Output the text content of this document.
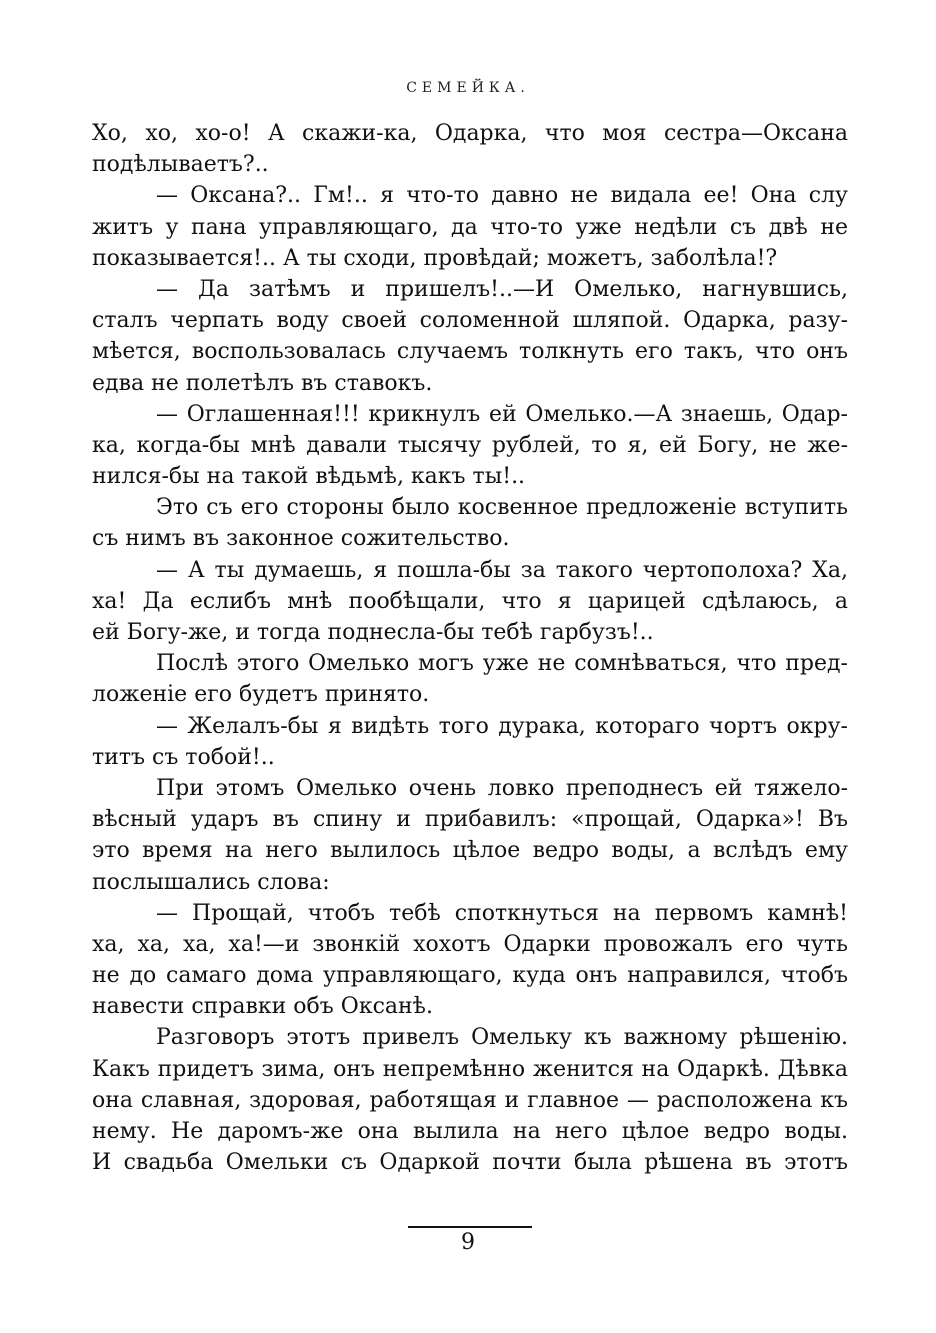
СЕМЕЙКА.
Хо, хо, хо-о! А скажи-ка, Одарка, что моя сестра—Оксана
подѣлываетъ?..
— Оксана?.. Гм!.. я что-то давно не видала ее! Она слу
житъ у пана управляющаго, да что-то уже недѣли съ двѣ не
показывается!.. А ты сходи, провѣдай; можетъ, заболѣла!?
— Да затѣмъ и пришелъ!..—И Омелько, нагнувшись,
сталъ черпать воду своей соломенной шляпой. Одарка, разу-
мѣется, воспользовалась случаемъ толкнуть его такъ, что онъ
едва не полетѣлъ въ ставокъ.
— Оглашенная!!! крикнулъ ей Омелько.—А знаешь, Одар-
ка, когда-бы мнѣ давали тысячу рублей, то я, ей Богу, не же-
нился-бы на такой вѣдьмѣ, какъ ты!..
Это съ его стороны было косвенное предложеніе вступить
съ нимъ въ законное сожительство.
— А ты думаешь, я пошла-бы за такого чертополоха? Ха,
ха! Да еслибъ мнѣ пообѣщали, что я царицей сдѣлаюсь, а
ей Богу-же, и тогда поднесла-бы тебѣ гарбузъ!..
Послѣ этого Омелько могъ уже не сомнѣваться, что пред-
ложеніе его будетъ принято.
— Желалъ-бы я видѣть того дурака, котораго чортъ окру-
титъ съ тобой!..
При этомъ Омелько очень ловко преподнесъ ей тяжело-
вѣсный ударъ въ спину и прибавилъ: «прощай, Одарка»! Въ
это время на него вылилось цѣлое ведро воды, а вслѣдъ ему
послышались слова:
— Прощай, чтобъ тебѣ споткнуться на первомъ камнѣ!
ха, ха, ха, ха!—и звонкій хохотъ Одарки провожалъ его чуть
не до самаго дома управляющаго, куда онъ направился, чтобъ
навести справки объ Оксанѣ.
Разговоръ этотъ привелъ Омельку къ важному рѣшенію.
Какъ придетъ зима, онъ непремѣнно женится на Одаркѣ. Дѣвка
она славная, здоровая, работящая и главное — расположена къ
нему. Не даромъ-же она вылила на него цѣлое ведро воды.
И свадьба Омельки съ Одаркой почти была рѣшена въ этотъ
9
